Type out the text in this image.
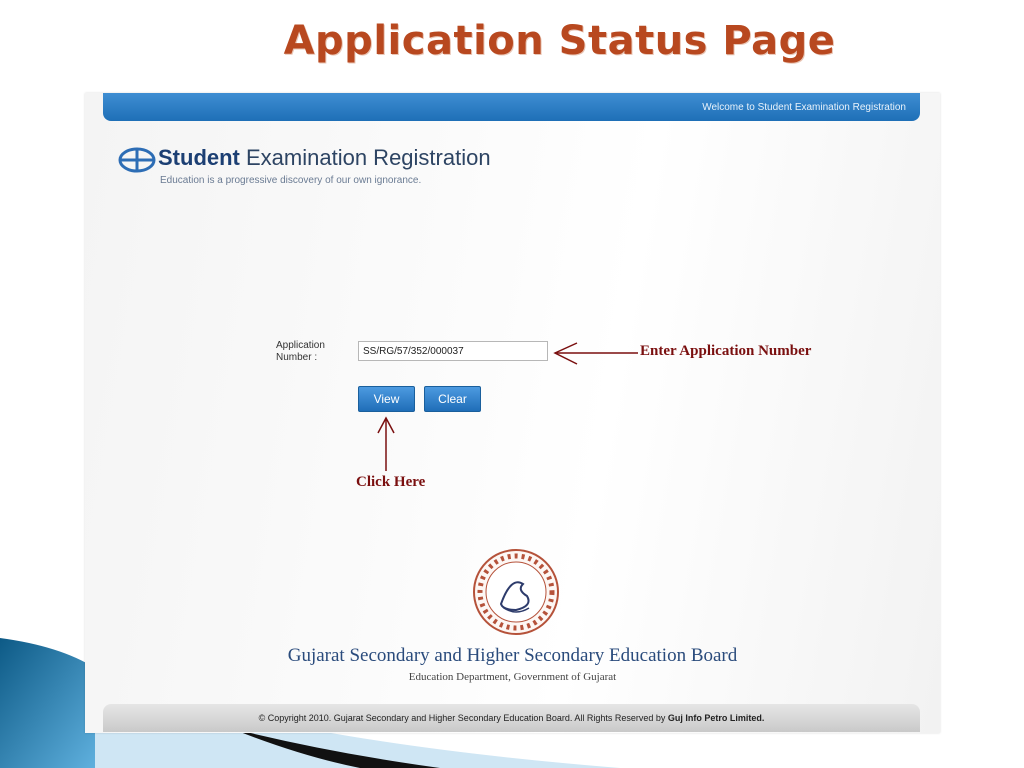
Application Status Page
Welcome to Student Examination Registration
Student Examination Registration
Education is a progressive discovery of our own ignorance.
Application Number :
SS/RG/57/352/000037
View	Clear
Enter Application Number
Click Here
Gujarat Secondary and Higher Secondary Education Board
Education Department, Government of Gujarat
© Copyright 2010. Gujarat Secondary and Higher Secondary Education Board. All Rights Reserved by Guj Info Petro Limited.
